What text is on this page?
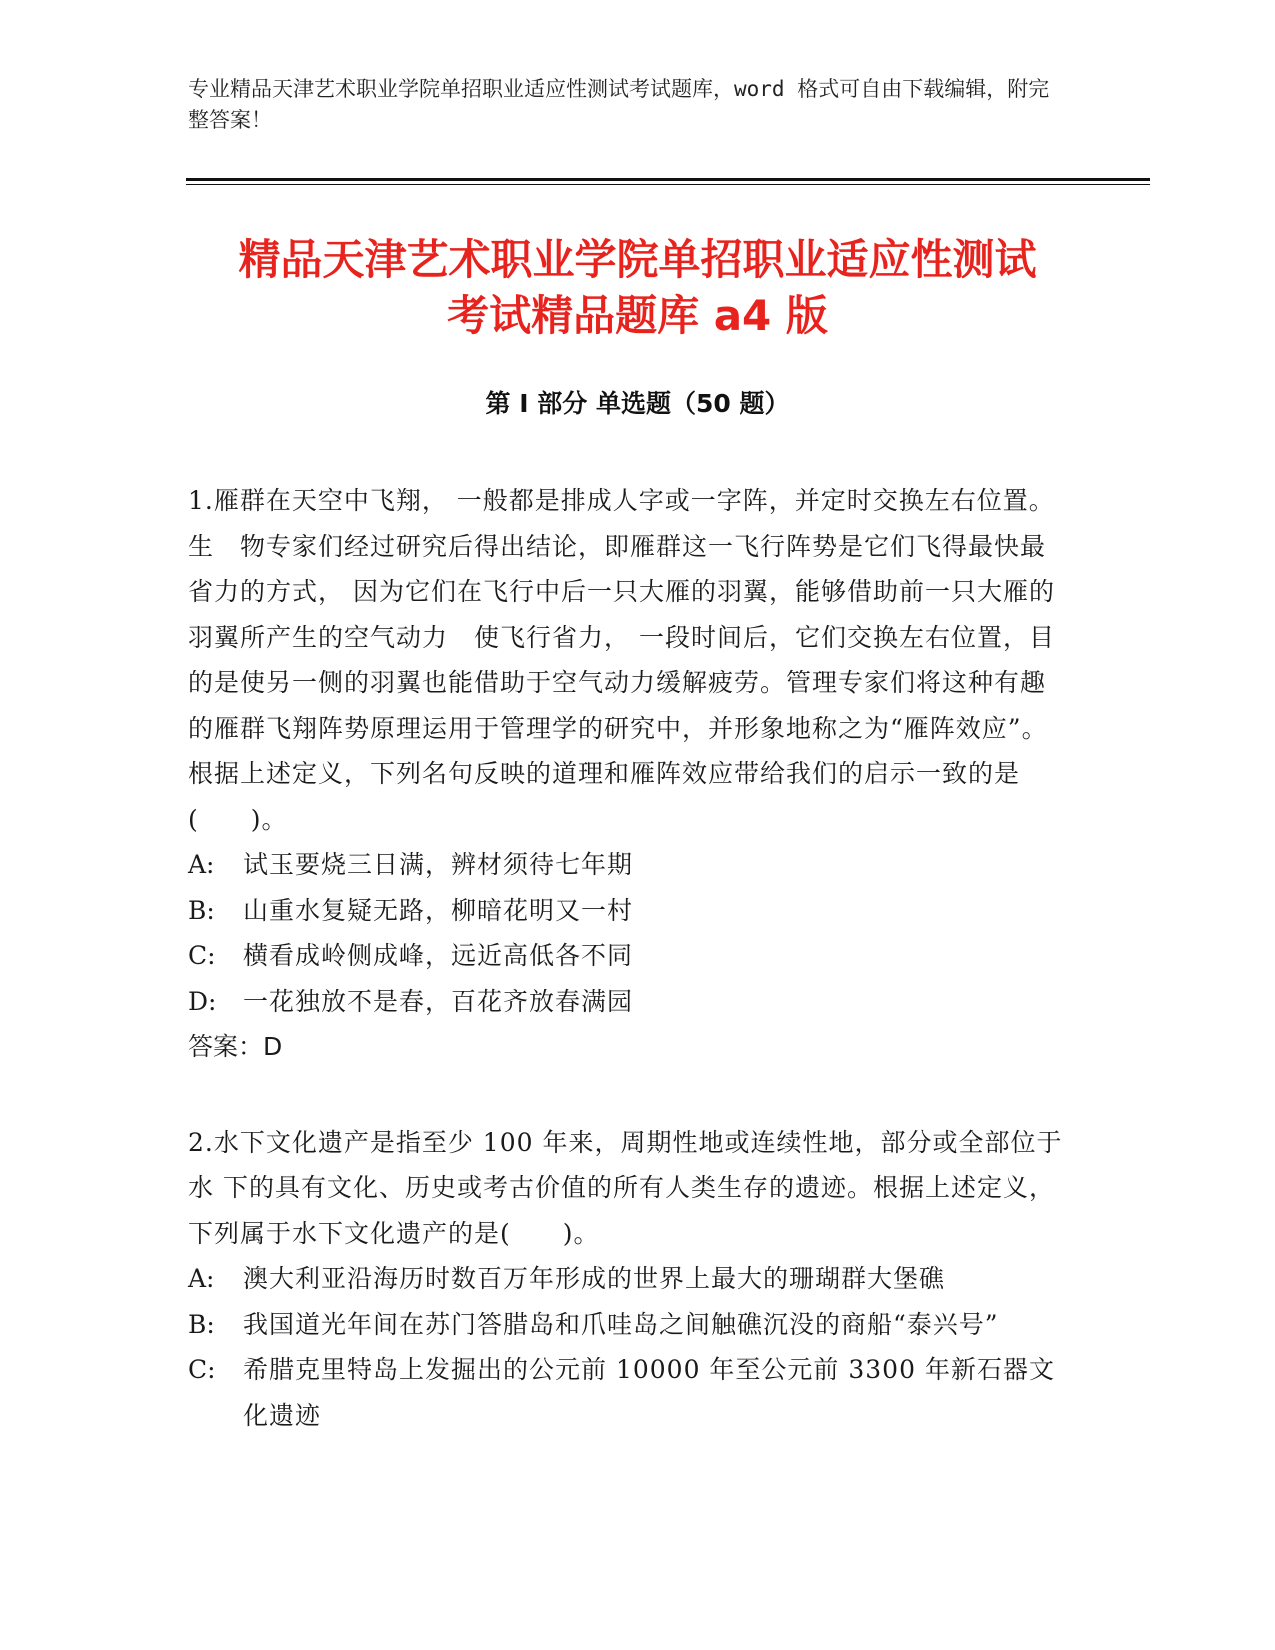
专业精品天津艺术职业学院单招职业适应性测试考试题库，word 格式可自由下载编辑，附完整答案！
精品天津艺术职业学院单招职业适应性测试
考试精品题库 a4 版
第 I 部分 单选题（50 题）
1.雁群在天空中飞翔， 一般都是排成人字或一字阵，并定时交换左右位置。生　物专家们经过研究后得出结论，即雁群这一飞行阵势是它们飞得最快最省力的方式， 因为它们在飞行中后一只大雁的羽翼，能够借助前一只大雁的羽翼所产生的空气动力　使飞行省力， 一段时间后，它们交换左右位置，目的是使另一侧的羽翼也能借助于空气动力缓解疲劳。管理专家们将这种有趣的雁群飞翔阵势原理运用于管理学的研究中，并形象地称之为“雁阵效应”。根据上述定义，下列名句反映的道理和雁阵效应带给我们的启示一致的是(　　)。
A:	试玉要烧三日满，辨材须待七年期
B:	山重水复疑无路，柳暗花明又一村
C:	横看成岭侧成峰，远近高低各不同
D:	一花独放不是春，百花齐放春满园
答案：D
2.水下文化遗产是指至少 100 年来，周期性地或连续性地，部分或全部位于水 下的具有文化、历史或考古价值的所有人类生存的遗迹。根据上述定义，下列属于水下文化遗产的是(　　)。
A:	澳大利亚沿海历时数百万年形成的世界上最大的珊瑚群大堡礁
B:	我国道光年间在苏门答腊岛和爪哇岛之间触礁沉没的商船“泰兴号”
C:	希腊克里特岛上发掘出的公元前 10000 年至公元前 3300 年新石器文化遗迹
